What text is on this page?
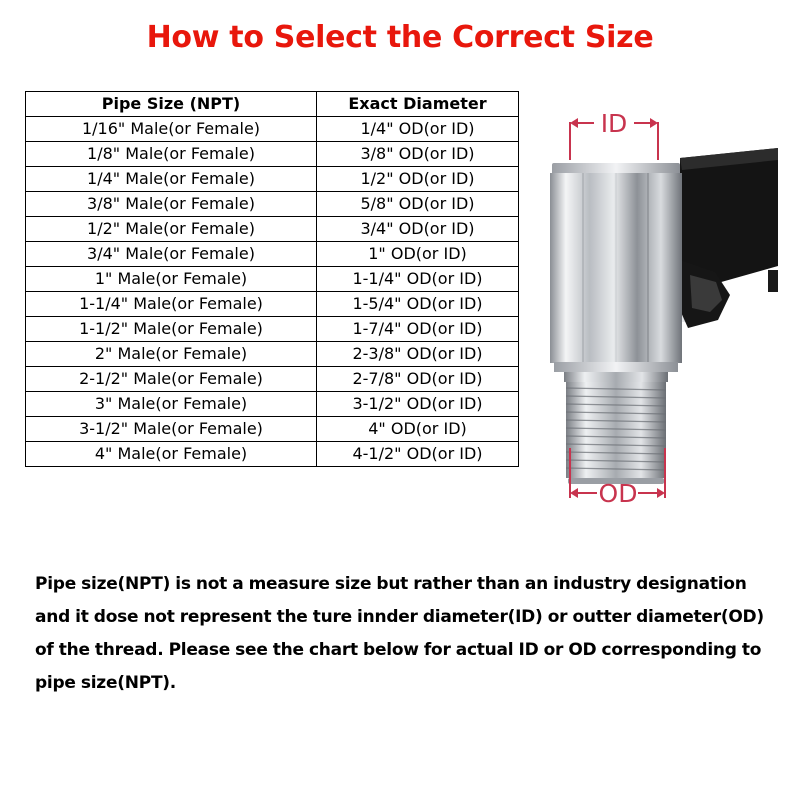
How to Select the Correct Size
Pipe Size (NPT)	Exact Diameter
1/16" Male(or Female)	1/4" OD(or ID)
1/8" Male(or Female)	3/8" OD(or ID)
1/4" Male(or Female)	1/2" OD(or ID)
3/8" Male(or Female)	5/8" OD(or ID)
1/2" Male(or Female)	3/4" OD(or ID)
3/4" Male(or Female)	1" OD(or ID)
1" Male(or Female)	1-1/4" OD(or ID)
1-1/4" Male(or Female)	1-5/4" OD(or ID)
1-1/2" Male(or Female)	1-7/4" OD(or ID)
2" Male(or Female)	2-3/8" OD(or ID)
2-1/2" Male(or Female)	2-7/8" OD(or ID)
3" Male(or Female)	3-1/2" OD(or ID)
3-1/2" Male(or Female)	4" OD(or ID)
4" Male(or Female)	4-1/2" OD(or ID)
ID
OD
Pipe size(NPT) is not a measure size but rather than an industry designation
and it dose not represent the ture innder diameter(ID) or outter diameter(OD)
of the thread. Please see the chart below for actual ID or OD corresponding to
pipe size(NPT).
